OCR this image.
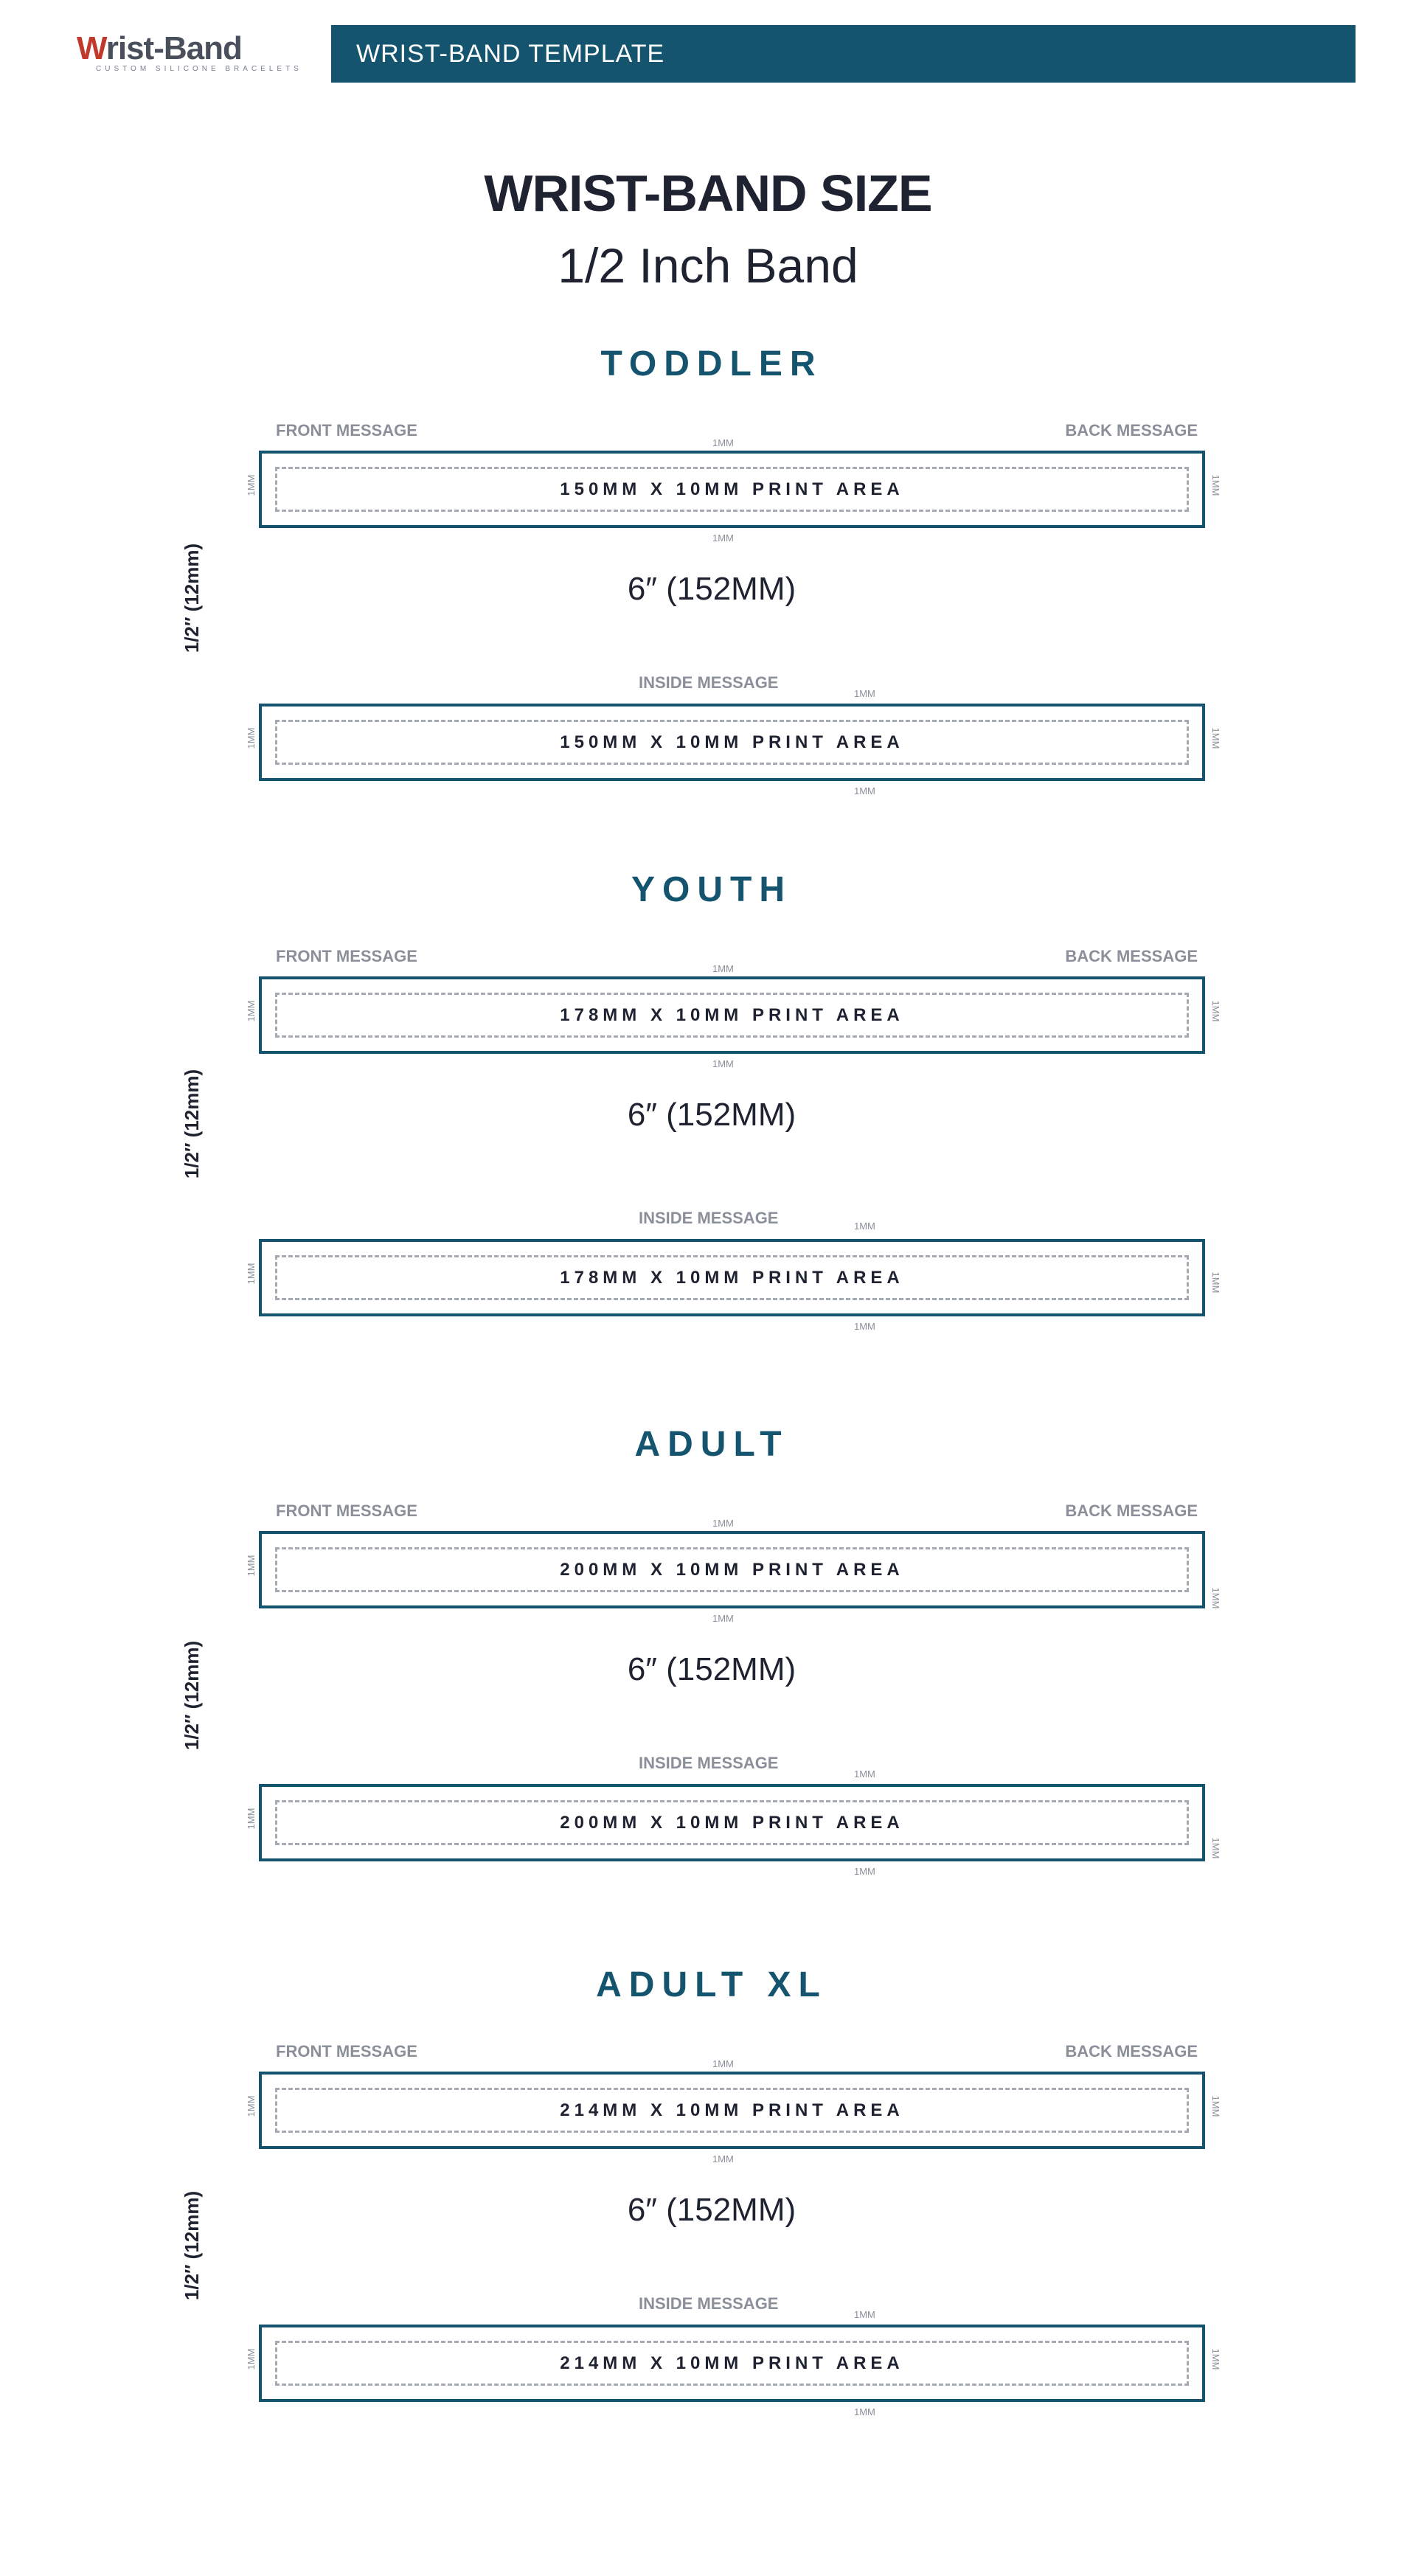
Wrist-Band
CUSTOM SILICONE BRACELETS
WRIST-BAND TEMPLATE
WRIST-BAND SIZE
1/2 Inch Band
TODDLER
FRONT MESSAGE	BACK MESSAGE
1MM
1MM	150MM X 10MM PRINT AREA	1MM
1MM
6″ (152MM)
1/2″ (12mm)
INSIDE MESSAGE
1MM
1MM	150MM X 10MM PRINT AREA	1MM
1MM
YOUTH
FRONT MESSAGE	BACK MESSAGE
1MM
1MM	178MM X 10MM PRINT AREA	1MM
1MM
6″ (152MM)
1/2″ (12mm)
INSIDE MESSAGE	1MM
178MM X 10MM PRINT AREA
1MM	1MM
1MM
ADULT
FRONT MESSAGE	BACK MESSAGE
1MM
1MM	200MM X 10MM PRINT AREA
1MM
1MM
6″ (152MM)
1/2″ (12mm)
INSIDE MESSAGE
1MM
1MM	200MM X 10MM PRINT AREA
1MM
1MM
ADULT XL
FRONT MESSAGE	BACK MESSAGE
1MM
1MM	214MM X 10MM PRINT AREA	1MM
1MM
6″ (152MM)
1/2″ (12mm)
INSIDE MESSAGE
1MM
1MM	214MM X 10MM PRINT AREA	1MM
1MM
